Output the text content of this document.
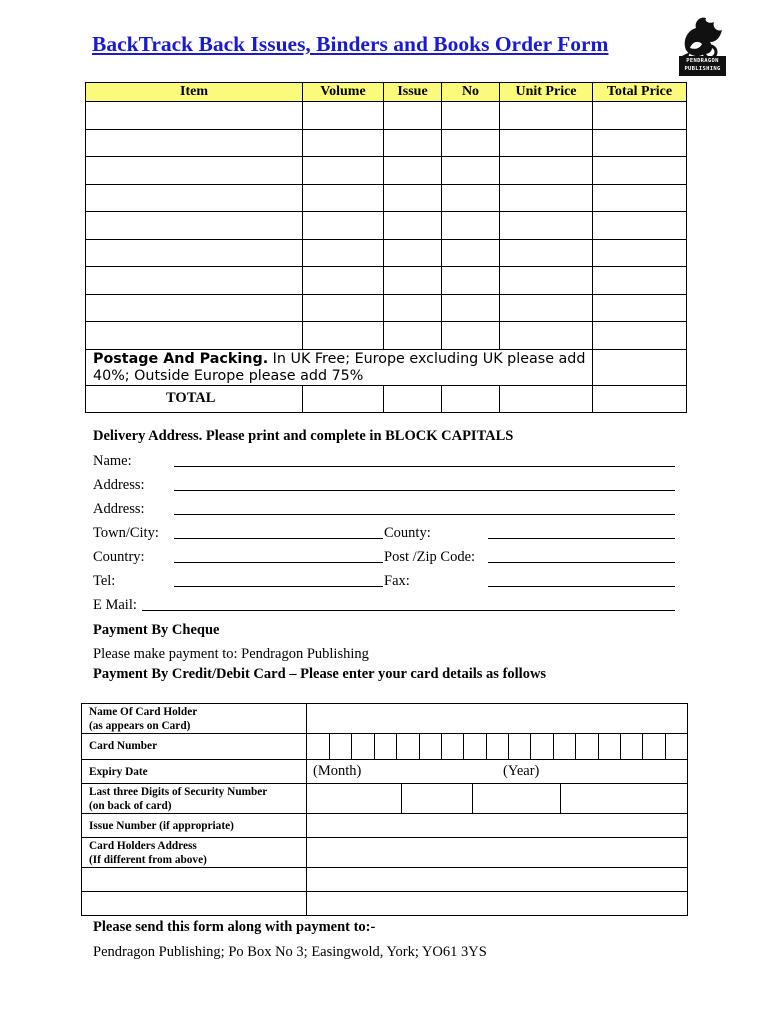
BackTrack Back Issues, Binders and Books Order Form
PENDRAGON
PUBLISHING
Item	Volume	Issue	No	Unit Price	Total Price

Postage And Packing. In UK Free; Europe excluding UK please add 40%; Outside Europe please add 75%					
TOTAL					
Delivery Address. Please print and complete in BLOCK CAPITALS
Name:
Address:
Address:
Town/City:	County:
Country:	Post /Zip Code:
Tel:	Fax:
E Mail:
Payment By Cheque
Please make payment to: Pendragon Publishing
Payment By Credit/Debit Card – Please enter your card details as follows
Name Of Card Holder
(as appears on Card)	

Card Number	

Expiry Date	(Month) (Year)

Last three Digits of Security Number
(on back of card)	

Issue Number (if appropriate)	

Card Holders Address
(If different from above)	

Please send this form along with payment to:-
Pendragon Publishing; Po Box No 3; Easingwold, York; YO61 3YS
